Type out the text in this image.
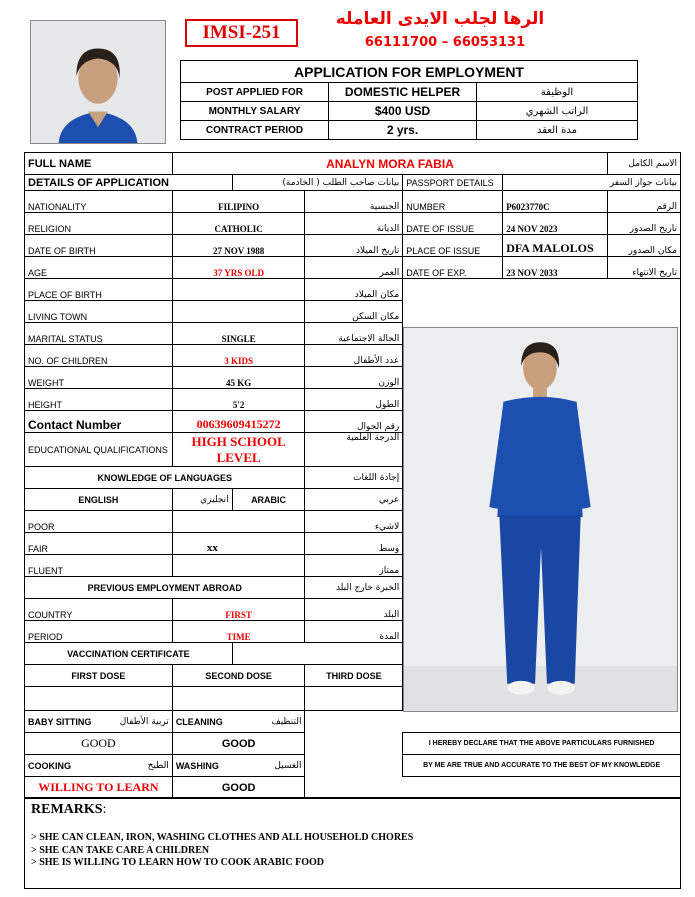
IMSI-251
الرها لجلب الايدى العامله
66111700 – 66053131
APPLICATION FOR EMPLOYMENT		
POST APPLIED FOR	DOMESTIC HELPER	الوظيفة
MONTHLY SALARY	$400 USD	الراتب الشهري
CONTRACT PERIOD	2 yrs.	مدة العقد
FULL NAME	ANALYN MORA FABIA					الاسم الكامل
DETAILS OF APPLICATION		بيانات صاحب الطلب ( الخادمة)		PASSPORT DETAILS	بيانات جواز السفر	
NATIONALITY	FILIPINO		الجنسية	NUMBER	P6023770C	الرقم
RELIGION	CATHOLIC		الديانة	DATE OF ISSUE	24 NOV 2023	تاريخ الصدور
DATE OF BIRTH	27 NOV 1988		تاريخ الميلاد	PLACE OF ISSUE	DFA MALOLOS	مكان الصدور
AGE	37 YRS OLD		العمر	DATE OF EXP.	23 NOV 2033	تاريخ الانتهاء
PLACE OF BIRTH			مكان الميلاد			
LIVING TOWN			مكان السكن			
MARITAL STATUS	SINGLE		الحالة الاجتماعية			
NO. OF CHILDREN	3 KIDS		عدد الأطفال			
WEIGHT	45 KG		الوزن			
HEIGHT	5'2		الطول			
Contact Number	00639609415272		رقم الجوال			
EDUCATIONAL QUALIFICATIONS	HIGH SCHOOL LEVEL		الدرجة العلمية			
KNOWLEDGE OF LANGUAGES			إجادة اللغات			
ENGLISH	انجليزي	ARABIC	عربي			
POOR			لاشيء			
FAIR	xx		وسط			
FLUENT			ممتاز			
PREVIOUS EMPLOYMENT ABROAD			الخبرة خارج البلد			
COUNTRY	FIRST		البلد			
PERIOD	TIME		المدة			
VACCINATION CERTIFICATE						
FIRST DOSE	SECOND DOSE		THIRD DOSE			

BABY SITTING تربية الأطفال	CLEANING التنظيف					

GOOD	GOOD			I HEREBY DECLARE THAT THE ABOVE PARTICULARS FURNISHED		
COOKING الطبخ	WASHING الغسيل			BY ME ARE TRUE AND ACCURATE TO THE BEST OF MY KNOWLEDGE		
WILLING TO LEARN	GOOD					
REMARKS:
> SHE CAN CLEAN, IRON, WASHING CLOTHES AND ALL HOUSEHOLD CHORES
> SHE CAN TAKE CARE A CHILDREN
> SHE IS WILLING TO LEARN HOW TO COOK ARABIC FOOD
